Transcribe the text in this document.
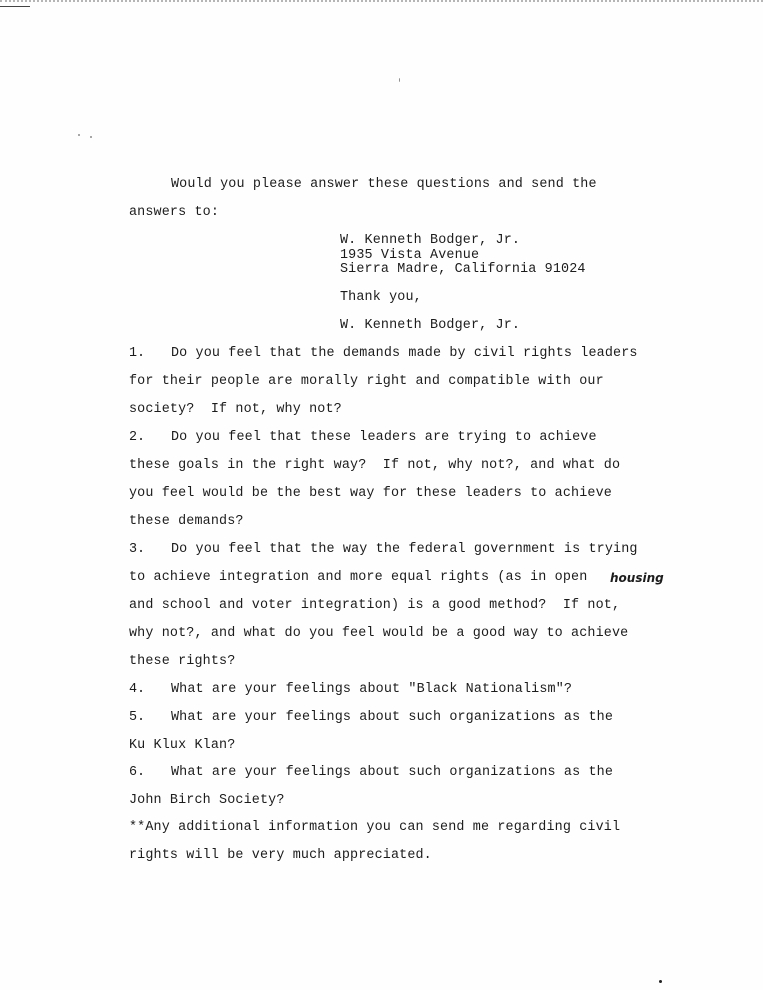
Would you please answer these questions and send the
answers to:
W. Kenneth Bodger, Jr.
1935 Vista Avenue
Sierra Madre, California 91024
Thank you,
W. Kenneth Bodger, Jr.
1. Do you feel that the demands made by civil rights leaders
for their people are morally right and compatible with our
society?  If not, why not?
2. Do you feel that these leaders are trying to achieve
these goals in the right way?  If not, why not?, and what do
you feel would be the best way for these leaders to achieve
these demands?
3. Do you feel that the way the federal government is trying
to achieve integration and more equal rights (as in open housing
and school and voter integration) is a good method?  If not,
why not?, and what do you feel would be a good way to achieve
these rights?
4. What are your feelings about "Black Nationalism"?
5. What are your feelings about such organizations as the
Ku Klux Klan?
6. What are your feelings about such organizations as the
John Birch Society?
**Any additional information you can send me regarding civil
rights will be very much appreciated.
